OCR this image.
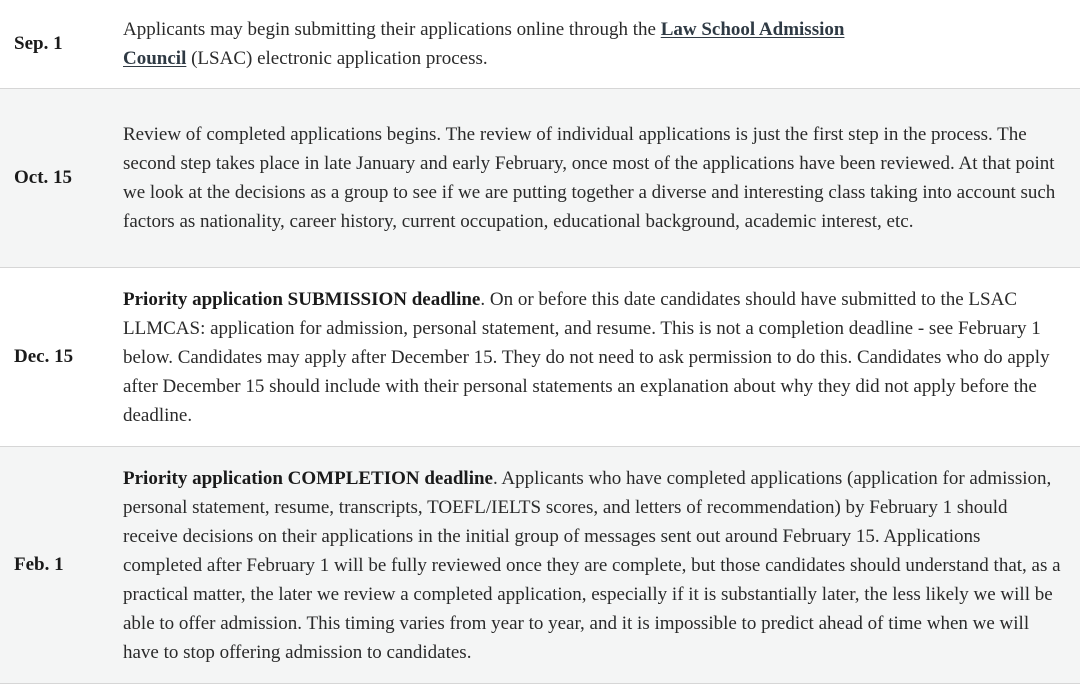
Sep. 1	Applicants may begin submitting their applications online through the Law School Admission Council (LSAC) electronic application process.
Oct. 15	Review of completed applications begins. The review of individual applications is just the first step in the process. The second step takes place in late January and early February, once most of the applications have been reviewed. At that point we look at the decisions as a group to see if we are putting together a diverse and interesting class taking into account such factors as nationality, career history, current occupation, educational background, academic interest, etc.
Dec. 15	Priority application SUBMISSION deadline. On or before this date candidates should have submitted to the LSAC LLMCAS: application for admission, personal statement, and resume. This is not a completion deadline - see February 1 below. Candidates may apply after December 15. They do not need to ask permission to do this. Candidates who do apply after December 15 should include with their personal statements an explanation about why they did not apply before the deadline.
Feb. 1	Priority application COMPLETION deadline. Applicants who have completed applications (application for admission, personal statement, resume, transcripts, TOEFL/IELTS scores, and letters of recommendation) by February 1 should receive decisions on their applications in the initial group of messages sent out around February 15. Applications completed after February 1 will be fully reviewed once they are complete, but those candidates should understand that, as a practical matter, the later we review a completed application, especially if it is substantially later, the less likely we will be able to offer admission. This timing varies from year to year, and it is impossible to predict ahead of time when we will have to stop offering admission to candidates.
